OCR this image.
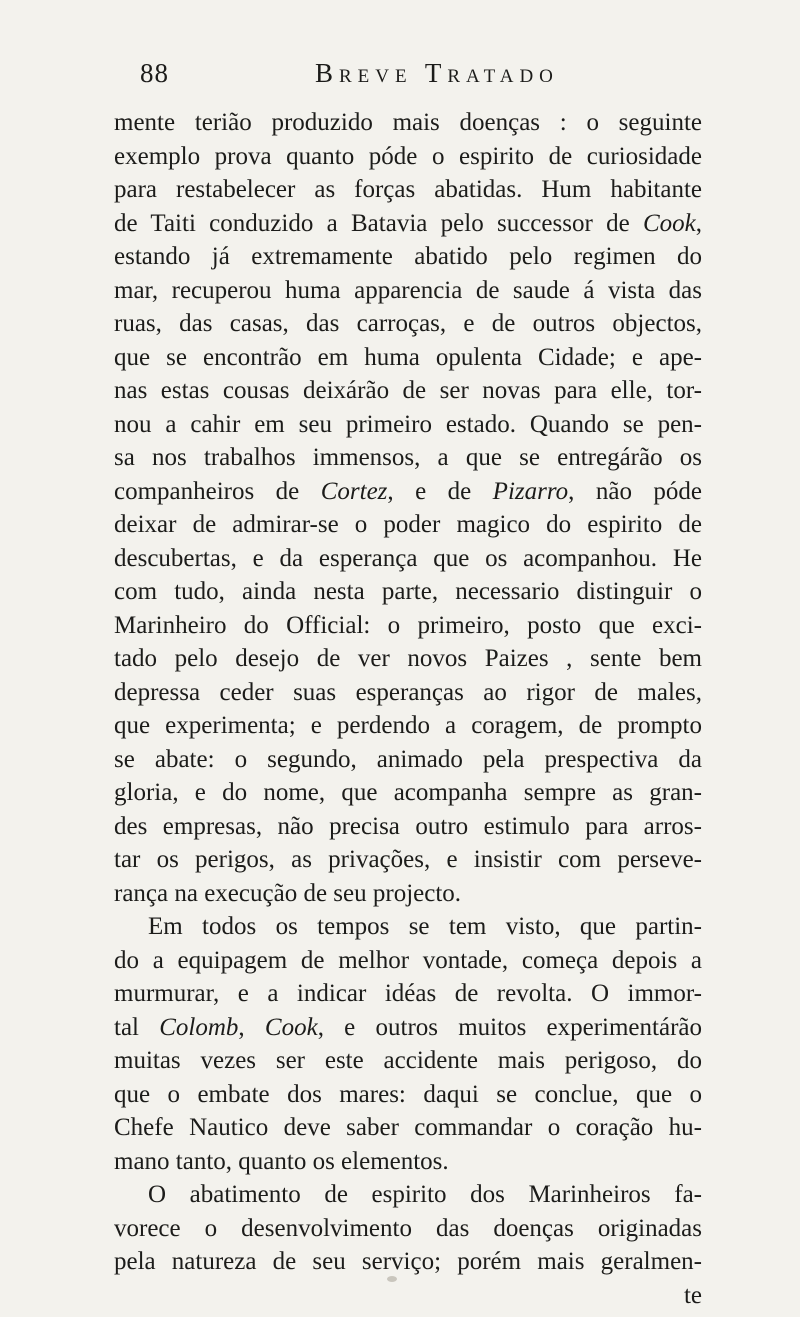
88	Breve Tratado
mente terião produzido mais doenças : o seguinte
exemplo prova quanto póde o espirito de curiosidade
para restabelecer as forças abatidas. Hum habitante
de Taiti conduzido a Batavia pelo successor de Cook,
estando já extremamente abatido pelo regimen do
mar, recuperou huma apparencia de saude á vista das
ruas, das casas, das carroças, e de outros objectos,
que se encontrão em huma opulenta Cidade; e ape-
nas estas cousas deixárão de ser novas para elle, tor-
nou a cahir em seu primeiro estado. Quando se pen-
sa nos trabalhos immensos, a que se entregárão os
companheiros de Cortez, e de Pizarro, não póde
deixar de admirar-se o poder magico do espirito de
descubertas, e da esperança que os acompanhou. He
com tudo, ainda nesta parte, necessario distinguir o
Marinheiro do Official: o primeiro, posto que exci-
tado pelo desejo de ver novos Paizes , sente bem
depressa ceder suas esperanças ao rigor de males,
que experimenta; e perdendo a coragem, de prompto
se abate: o segundo, animado pela prespectiva da
gloria, e do nome, que acompanha sempre as gran-
des empresas, não precisa outro estimulo para arros-
tar os perigos, as privações, e insistir com perseve-
rança na execução de seu projecto.
Em todos os tempos se tem visto, que partin-
do a equipagem de melhor vontade, começa depois a
murmurar, e a indicar idéas de revolta. O immor-
tal Colomb, Cook, e outros muitos experimentárão
muitas vezes ser este accidente mais perigoso, do
que o embate dos mares: daqui se conclue, que o
Chefe Nautico deve saber commandar o coração hu-
mano tanto, quanto os elementos.
O abatimento de espirito dos Marinheiros fa-
vorece o desenvolvimento das doenças originadas
pela natureza de seu serviço; porém mais geralmen-
te
